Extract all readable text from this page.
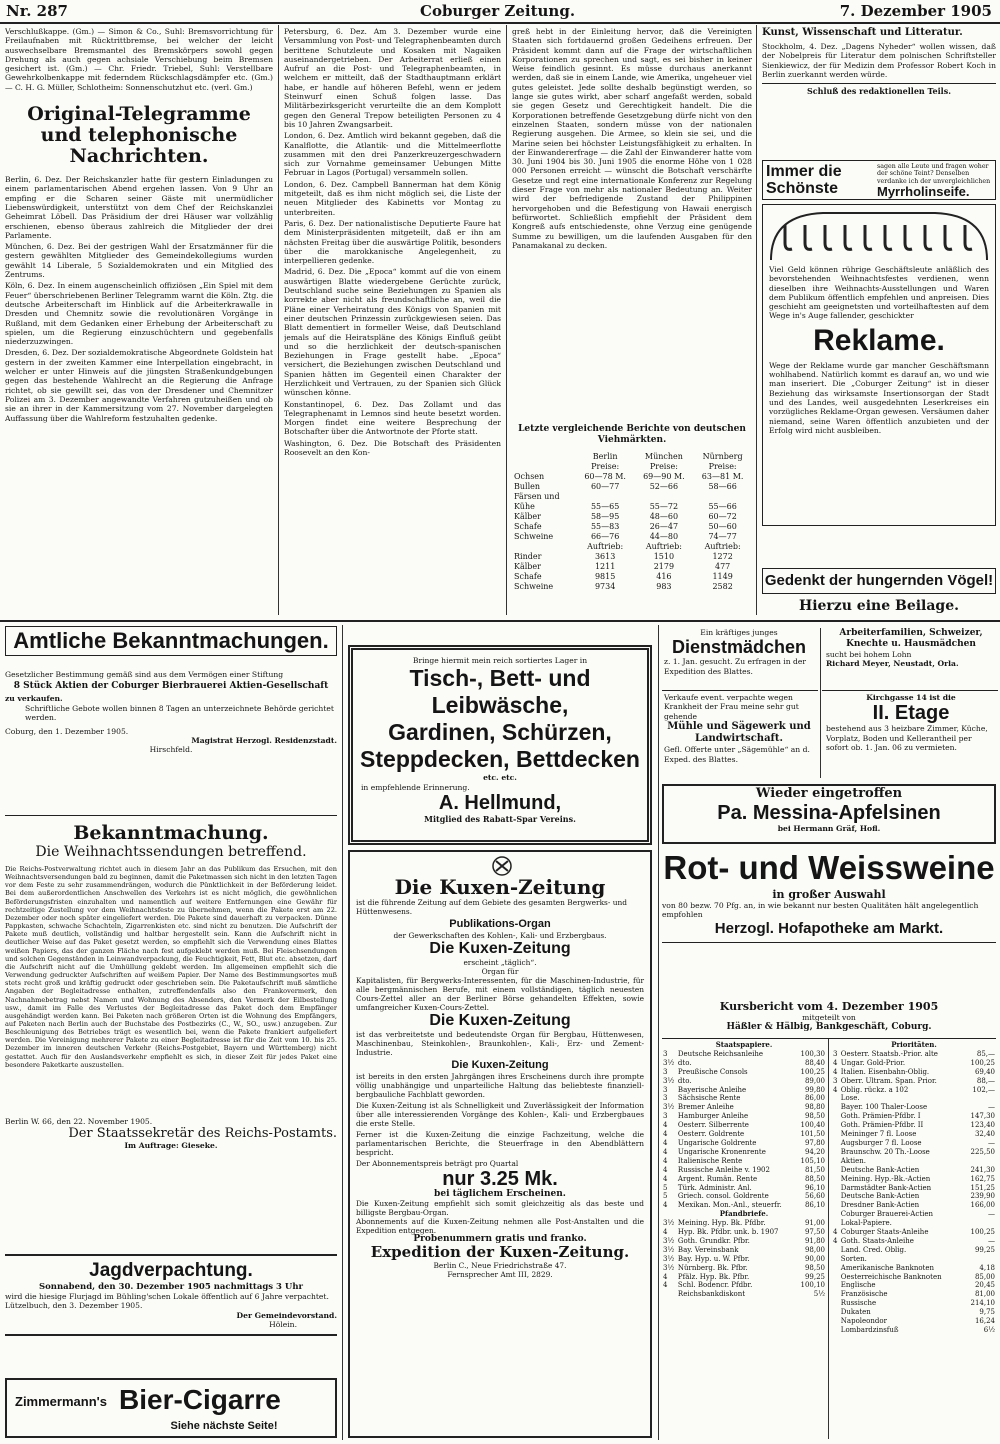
Nr. 287	Coburger Zeitung.	7. Dezember 1905

Verschlußkappe. (Gm.) — Simon & Co., Suhl: Bremsvorrichtung für Freilaufnaben mit Rücktrittbremse, bei welcher der leicht auswechselbare Bremsmantel des Bremskörpers sowohl gegen Drehung als auch gegen achsiale Verschiebung beim Bremsen gesichert ist. (Gm.) — Chr. Friedr. Triebel, Suhl: Verstellbare Gewehrkolbenkappe mit federndem Rückschlagsdämpfer etc. (Gm.) — C. H. G. Müller, Schlotheim: Sonnenschutzhut etc. (verl. Gm.)

Original-Telegramme und telephonische Nachrichten.

Berlin, 6. Dez. Der Reichskanzler hatte für gestern Einladungen zu einem parlamentarischen Abend ergehen lassen. Von 9 Uhr an empfing er die Scharen seiner Gäste mit unermüdlicher Liebenswürdigkeit, unterstützt von dem Chef der Reichskanzlei Geheimrat Löbell. Das Präsidium der drei Häuser war vollzählig erschienen, ebenso überaus zahlreich die Mitglieder der drei Parlamente.

München, 6. Dez. Bei der gestrigen Wahl der Ersatzmänner für die gestern gewählten Mitglieder des Gemeindekollegiums wurden gewählt 14 Liberale, 5 Sozialdemokraten und ein Mitglied des Zentrums.

Köln, 6. Dez. In einem augenscheinlich offiziösen „Ein Spiel mit dem Feuer“ überschriebenen Berliner Telegramm warnt die Köln. Ztg. die deutsche Arbeiterschaft im Hinblick auf die Arbeiterkrawalle in Dresden und Chemnitz sowie die revolutionären Vorgänge in Rußland, mit dem Gedanken einer Erhebung der Arbeiterschaft zu spielen, um die Regierung einzuschüchtern und gegebenfalls niederzuzwingen.

Dresden, 6. Dez. Der sozialdemokratische Abgeordnete Goldstein hat gestern in der zweiten Kammer eine Interpellation eingebracht, in welcher er unter Hinweis auf die jüngsten Straßenkundgebungen gegen das bestehende Wahlrecht an die Regierung die Anfrage richtet, ob sie gewillt sei, das von der Dresdener und Chemnitzer Polizei am 3. Dezember angewandte Verfahren gutzuheißen und ob sie an ihrer in der Kammersitzung vom 27. November dargelegten Auffassung über die Wahlreform festzuhalten gedenke.

Petersburg, 6. Dez. Am 3. Dezember wurde eine Versammlung von Post- und Telegraphenbeamten durch berittene Schutzleute und Kosaken mit Nagaiken auseinandergetrieben. Der Arbeiterrat erließ einen Aufruf an die Post- und Telegraphenbeamten, in welchem er mitteilt, daß der Stadthauptmann erklärt habe, er handle auf höheren Befehl, wenn er jedem Steinwurf einen Schuß folgen lasse. Das Militärbezirksgericht verurteilte die an dem Komplott gegen den General Trepow beteiligten Personen zu 4 bis 10 Jahren Zwangsarbeit.

London, 6. Dez. Amtlich wird bekannt gegeben, daß die Kanalflotte, die Atlantik- und die Mittelmeerflotte zusammen mit den drei Panzerkreuzergeschwadern sich zur Vornahme gemeinsamer Uebungen Mitte Februar in Lagos (Portugal) versammeln sollen.

London, 6. Dez. Campbell Bannerman hat dem König mitgeteilt, daß es ihm nicht möglich sei, die Liste der neuen Mitglieder des Kabinetts vor Montag zu unterbreiten.

Paris, 6. Dez. Der nationalistische Deputierte Faure hat dem Ministerpräsidenten mitgeteilt, daß er ihn am nächsten Freitag über die auswärtige Politik, besonders über die marokkanische Angelegenheit, zu interpellieren gedenke.

Madrid, 6. Dez. Die „Epoca“ kommt auf die von einem auswärtigen Blatte wiedergebene Gerüchte zurück, Deutschland suche seine Beziehungen zu Spanien als korrekte aber nicht als freundschaftliche an, weil die Pläne einer Verheiratung des Königs von Spanien mit einer deutschen Prinzessin zurückgewiesen seien. Das Blatt dementiert in formeller Weise, daß Deutschland jemals auf die Heiratspläne des Königs Einfluß geübt und so die herzlichkeit der deutsch-spanischen Beziehungen in Frage gestellt habe. „Epoca“ versichert, die Beziehungen zwischen Deutschland und Spanien hätten im Gegenteil einen Charakter der Herzlichkeit und Vertrauen, zu der Spanien sich Glück wünschen könne.

Konstantinopel, 6. Dez. Das Zollamt und das Telegraphenamt in Lemnos sind heute besetzt worden. Morgen findet eine weitere Besprechung der Botschafter über die Antwortnote der Pforte statt.

Washington, 6. Dez. Die Botschaft des Präsidenten Roosevelt an den Kon-

greß hebt in der Einleitung hervor, daß die Vereinigten Staaten sich fortdauernd großen Gedeihens erfreuen. Der Präsident kommt dann auf die Frage der wirtschaftlichen Korporationen zu sprechen und sagt, es sei bisher in keiner Weise feindlich gesinnt. Es müsse durchaus anerkannt werden, daß sie in einem Lande, wie Amerika, ungeheuer viel gutes geleistet. Jede sollte deshalb begünstigt werden, so lange sie gutes wirkt, aber scharf angefaßt werden, sobald sie gegen Gesetz und Gerechtigkeit handelt. Die die Korporationen betreffende Gesetzgebung dürfe nicht von den einzelnen Staaten, sondern müsse von der nationalen Regierung ausgehen. Die Armee, so klein sie sei, und die Marine seien bei höchster Leistungsfähigkeit zu erhalten. In der Einwandererfrage — die Zahl der Einwanderer hatte vom 30. Juni 1904 bis 30. Juni 1905 die enorme Höhe von 1 028 000 Personen erreicht — wünscht die Botschaft verschärfte Gesetze und regt eine internationale Konferenz zur Regelung dieser Frage von mehr als nationaler Bedeutung an. Weiter wird der befriedigende Zustand der Philippinen hervorgehoben und die Befestigung von Hawaii energisch befürwortet. Schließlich empfiehlt der Präsident dem Kongreß aufs entschiedenste, ohne Verzug eine genügende Summe zu bewilligen, um die laufenden Ausgaben für den Panamakanal zu decken.

Letzte vergleichende Berichte von deutschen Viehmärkten.
	Berlin	München	Nürnberg
	Preise:	Preise:	Preise:
Ochsen	60—78 M.	69—90 M.	63—81 M.
Bullen	60—77	52—66	58—66
Färsen und			
Kühe	55—65	55—72	55—66
Kälber	58—95	48—60	60—72
Schafe	55—83	26—47	50—60
Schweine	66—76	44—80	74—77
	Auftrieb:	Auftrieb:	Auftrieb:
Rinder	3613	1510	1272
Kälber	1211	2179	477
Schafe	9815	416	1149
Schweine	9734	983	2582
Kunst, Wissenschaft und Litteratur.
Stockholm, 4. Dez. „Dagens Nyheder“ wollen wissen, daß der Nobelpreis für Literatur dem polnischen Schriftsteller Sienkiewicz, der für Medizin dem Professor Robert Koch in Berlin zuerkannt werden würde.
Schluß des redaktionellen Teils.
Immer die Schönste
sagen alle Leute und fragen woher der schöne Teint? Denselben verdanke ich der unvergleichlichen
Myrrholinseife.
Viel Geld können rührige Geschäftsleute anläßlich des bevorstehenden Weihnachtsfestes verdienen, wenn dieselben ihre Weihnachts-Ausstellungen und Waren dem Publikum öffentlich empfehlen und anpreisen. Dies geschieht am geeignetsten und vorteilhaftesten auf dem Wege in's Auge fallender, geschickter
Reklame.
Wege der Reklame wurde gar mancher Geschäftsmann wohlhabend. Natürlich kommt es darauf an, wo und wie man inseriert. Die „Coburger Zeitung“ ist in dieser Beziehung das wirksamste Insertionsorgan der Stadt und des Landes, weil ausgedehnten Leserkreises ein vorzügliches Reklame-Organ gewesen. Versäumen daher niemand, seine Waren öffentlich anzubieten und der Erfolg wird nicht ausbleiben.
Gedenkt der hungernden Vögel!
Hierzu eine Beilage.
Amtliche Bekanntmachungen.
Gesetzlicher Bestimmung gemäß sind aus dem Vermögen einer Stiftung
8 Stück Aktien der Coburger Bierbrauerei Aktien-Gesellschaft
zu verkaufen.
Schriftliche Gebote wollen binnen 8 Tagen an unterzeichnete Behörde gerichtet werden.
Coburg, den 1. Dezember 1905.
Magistrat Herzogl. Residenzstadt.
Hirschfeld.
Bekanntmachung.
Die Weihnachtssendungen betreffend.
Die Reichs-Postverwaltung richtet auch in diesem Jahr an das Publikum das Ersuchen, mit den Weihnachtsversendungen bald zu beginnen, damit die Paketmassen sich nicht in den letzten Tagen vor dem Feste zu sehr zusammendrängen, wodurch die Pünktlichkeit in der Beförderung leidet. Bei dem außerordentlichen Anschwellen des Verkehrs ist es nicht möglich, die gewöhnlichen Beförderungsfristen einzuhalten und namentlich auf weitere Entfernungen eine Gewähr für rechtzeitige Zustellung vor dem Weihnachtsfeste zu übernehmen, wenn die Pakete erst am 22. Dezember oder noch später eingeliefert werden. Die Pakete sind dauerhaft zu verpacken. Dünne Pappkasten, schwache Schachteln, Zigarrenkisten etc. sind nicht zu benutzen. Die Aufschrift der Pakete muß deutlich, vollständig und haltbar hergestellt sein. Kann die Aufschrift nicht in deutlicher Weise auf das Paket gesetzt werden, so empfiehlt sich die Verwendung eines Blattes weißen Papiers, das der ganzen Fläche nach fest aufgeklebt werden muß. Bei Fleischsendungen und solchen Gegenständen in Leinwandverpackung, die Feuchtigkeit, Fett, Blut etc. absetzen, darf die Aufschrift nicht auf die Umhüllung geklebt werden. Im allgemeinen empfiehlt sich die Verwendung gedruckter Aufschriften auf weißem Papier. Der Name des Bestimmungsortes muß stets recht groß und kräftig gedruckt oder geschrieben sein. Die Paketaufschrift muß sämtliche Angaben der Begleitadresse enthalten, zutreffendenfalls also den Frankovermerk, den Nachnahmebetrag nebst Namen und Wohnung des Absenders, den Vermerk der Eilbestellung usw., damit im Falle des Verlustes der Begleitadresse das Paket doch dem Empfänger ausgehändigt werden kann. Bei Paketen nach größeren Orten ist die Wohnung des Empfängers, auf Paketen nach Berlin auch der Buchstabe des Postbezirks (C., W., SO., usw.) anzugeben. Zur Beschleunigung des Betriebes trägt es wesentlich bei, wenn die Pakete frankiert aufgeliefert werden. Die Vereinigung mehrerer Pakete zu einer Begleitadresse ist für die Zeit vom 10. bis 25. Dezember im inneren deutschen Verkehr (Reichs-Postgebiet, Bayern und Württemberg) nicht gestattet. Auch für den Auslandsverkehr empfiehlt es sich, in dieser Zeit für jedes Paket eine besondere Paketkarte auszustellen.
Berlin W. 66, den 22. November 1905.
Der Staatssekretär des Reichs-Postamts.
Im Auftrage: Gieseke.
Jagdverpachtung.
Sonnabend, den 30. Dezember 1905 nachmittags 3 Uhr
wird die hiesige Flurjagd im Bühling'schen Lokale öffentlich auf 6 Jahre verpachtet.
Lützelbuch, den 3. Dezember 1905.
Der Gemeindevorstand.
Hölein.
Zimmermann's Bier-Cigarre
Siehe nächste Seite!
Bringe hiermit mein reich sortiertes Lager in
Tisch-, Bett- und Leibwäsche,
Gardinen, Schürzen,
Steppdecken, Bettdecken
etc. etc.
in empfehlende Erinnerung.
A. Hellmund,
Mitglied des Rabatt-Spar Vereins.
Die Kuxen-Zeitung
ist die führende Zeitung auf dem Gebiete des gesamten Bergwerks- und Hüttenwesens.
Publikations-Organ
der Gewerkschaften des Kohlen-, Kali- und Erzbergbaus.
Die Kuxen-Zeitung
erscheint „täglich“.
Organ für
Kapitalisten, für Bergwerks-Interessenten, für die Maschinen-Industrie, für alle bergmännischen Berufe, mit einem vollständigen, täglich neuesten Cours-Zettel aller an der Berliner Börse gehandelten Effekten, sowie umfangreicher Kuxen-Cours-Zettel.
Die Kuxen-Zeitung
ist das verbreitetste und bedeutendste Organ für Bergbau, Hüttenwesen, Maschinenbau, Steinkohlen-, Braunkohlen-, Kali-, Erz- und Zement-Industrie.
Die Kuxen-Zeitung
ist bereits in den ersten Jahrgängen ihres Erscheinens durch ihre prompte völlig unabhängige und unparteiliche Haltung das beliebteste finanziell-bergbauliche Fachblatt geworden.
Die Kuxen-Zeitung ist als Schnelligkeit und Zuverlässigkeit der Information über alle interessierenden Vorgänge des Kohlen-, Kali- und Erzbergbaues die erste Stelle.
Ferner ist die Kuxen-Zeitung die einzige Fachzeitung, welche die parlamentarischen Berichte, die Steuerfrage in den Abendblättern bespricht.
Der Abonnementspreis beträgt pro Quartal
nur 3.25 Mk.
bei täglichem Erscheinen.
Die Kuxen-Zeitung empfiehlt sich somit gleichzeitig als das beste und billigste Bergbau-Organ.
Abonnements auf die Kuxen-Zeitung nehmen alle Post-Anstalten und die Expedition entgegen.
Probenummern gratis und franko.
Expedition der Kuxen-Zeitung.
Berlin C., Neue Friedrichstraße 47.
Fernsprecher Amt III, 2829.
Ein kräftiges junges
Dienstmädchen
z. 1. Jan. gesucht. Zu erfragen in der Expedition des Blattes.
Arbeiterfamilien, Schweizer, Knechte u. Hausmädchen
sucht bei hohem Lohn
Richard Meyer, Neustadt, Orla.
Verkaufe event. verpachte wegen Krankheit der Frau meine sehr gut gehende
Mühle und Sägewerk und Landwirtschaft.
Gefl. Offerte unter „Sägemühle“ an d. Exped. des Blattes.
Kirchgasse 14 ist die
II. Etage
bestehend aus 3 heizbare Zimmer, Küche, Vorplatz, Boden und Kellerantheil per sofort ob. 1. Jan. 06 zu vermieten.
Wieder eingetroffen
Pa. Messina-Apfelsinen
bei Hermann Gräf, Hofl.
Rot- und Weissweine
in großer Auswahl
von 80 bezw. 70 Pfg. an, in wie bekannt nur besten Qualitäten hält angelegentlich empfohlen
Herzogl. Hofapotheke am Markt.
Kursbericht vom 4. Dezember 1905
mitgeteilt von
Häßler & Hälbig, Bankgeschäft, Coburg.
Staatspapiere.		
3	Deutsche Reichsanleihe	100,30
3½	dto.	88,40
3	Preußische Consols	100,25
3½	dto.	89,00
3	Bayerische Anleihe	99,80
3	Sächsische Rente	86,00
3½	Bremer Anleihe	98,80
3	Hamburger Anleihe	98,50
4	Oesterr. Silberrente	100,40
4	Oesterr. Goldrente	101,50
4	Ungarische Goldrente	97,80
4	Ungarische Kronenrente	94,20
4	Italienische Rente	105,10
4	Russische Anleihe v. 1902	81,50
4	Argent. Rumän. Rente	88,50
5	Türk. Administr. Anl.	96,10
5	Griech. consol. Goldrente	56,60
4	Mexikan. Mon.-Anl., steuerfr.	86,10
Pfandbriefe.		
3½	Meining. Hyp. Bk. Pfdbr.	91,00
4	Hyp. Bk. Pfdbr. unk. b. 1907	97,50
3½	Goth. Grundkr. Pfbr.	91,80
3½	Bay. Vereinsbank	98,00
3½	Bay. Hyp. u. W. Pfbr.	90,00
3½	Nürnberg. Bk. Pfbr.	98,50
4	Pfälz. Hyp. Bk. Pfbr.	99,25
4	Schl. Bodencr. Pfdbr.	100,10
	Reichsbankdiskont	5½
Prioritäten.		
3	Oesterr. Staatsb.-Prior. alte	85,—
4	Ungar. Gold-Prior.	100,25
4	Italien. Eisenbahn-Oblig.	69,40
3	Oberr. Ultram. Span. Prior.	88,—
4	Oblig. rückz. a 102	102,—
	Lose.	
	Bayer. 100 Thaler-Loose	—
	Goth. Prämien-Pfdbr. I	147,30
	Goth. Prämien-Pfdbr. II	123,40
	Meininger 7 fl. Loose	32,40
	Augsburger 7 fl. Loose	—
	Braunschw. 20 Th.-Loose	225,50
	Aktien.	
	Deutsche Bank-Actien	241,30
	Meining. Hyp.-Bk.-Actien	162,75
	Darmstädter Bank-Actien	151,25
	Deutsche Bank-Actien	239,90
	Dresdner Bank-Actien	166,00
	Coburger Brauerei-Actien	—
	Lokal-Papiere.	
4	Coburger Staats-Anleihe	100,25
4	Goth. Staats-Anleihe	—
	Land. Cred. Oblig.	99,25
	Sorten.	
	Amerikanische Banknoten	4,18
	Oesterreichische Banknoten	85,00
	Englische	20,45
	Französische	81,00
	Russische	214,10
	Dukaten	9,75
	Napoleondor	16,24
	Lombardzinsfuß	6½
